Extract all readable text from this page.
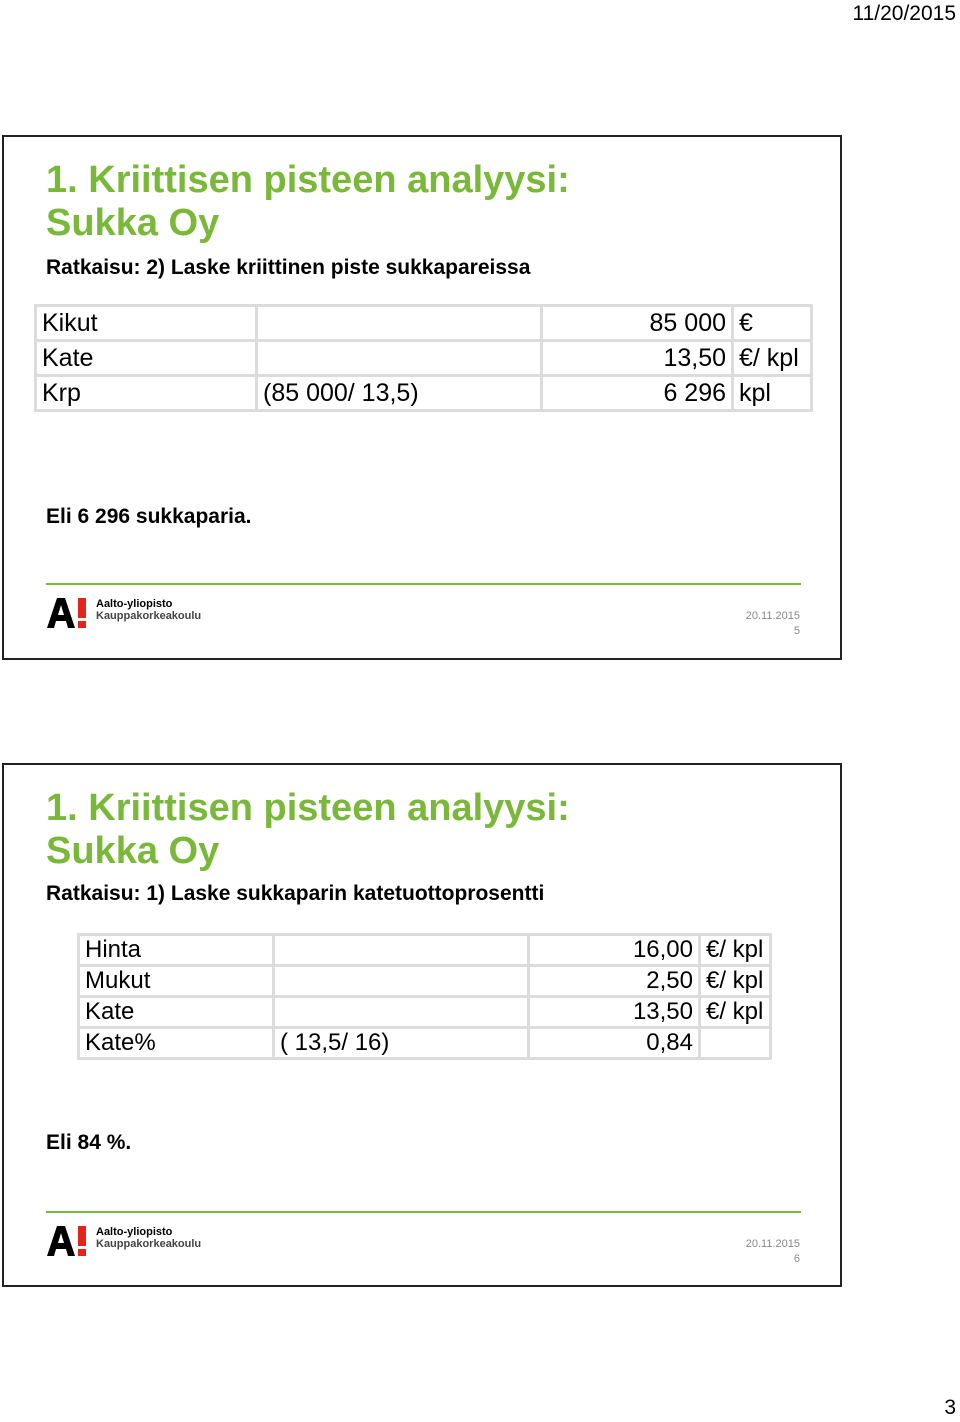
11/20/2015
1. Kriittisen pisteen analyysi:
Sukka Oy

Ratkaisu: 2) Laske kriittinen piste sukkapareissa

Kikut		85 000	€
Kate		13,50	€/ kpl
Krp	(85 000/ 13,5)	6 296	kpl

Eli 6 296 sukkaparia.

Aalto-yliopisto
Kauppakorkeakoulu	20.11.2015
5
1. Kriittisen pisteen analyysi:
Sukka Oy

Ratkaisu: 1) Laske sukkaparin katetuottoprosentti

Hinta		16,00	€/ kpl
Mukut		2,50	€/ kpl
Kate		13,50	€/ kpl
Kate%	( 13,5/ 16)	0,84	

Eli 84 %.

Aalto-yliopisto
Kauppakorkeakoulu	20.11.2015
6
3
